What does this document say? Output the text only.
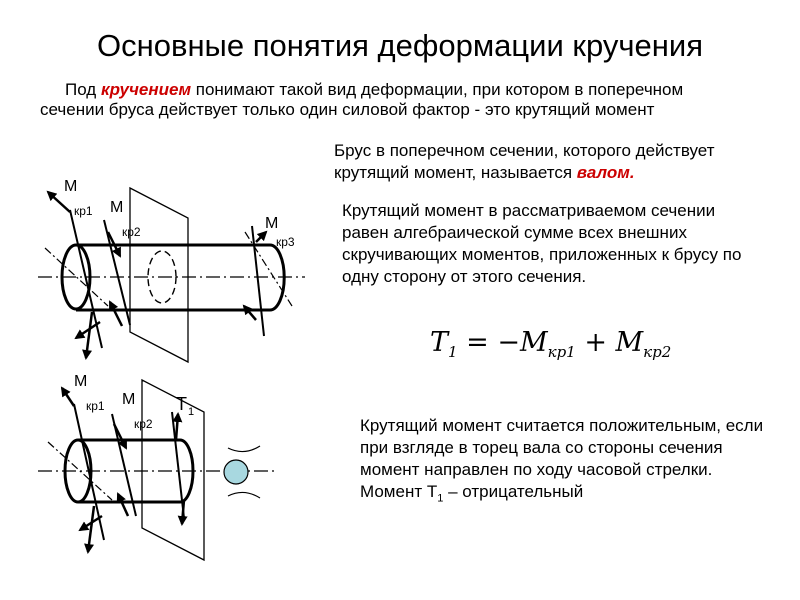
Основные понятия деформации кручения
Под кручением понимают такой вид деформации, при котором в поперечном сечении бруса действует только один силовой фактор - это крутящий момент
Брус в поперечном сечении, которого действует крутящий момент, называется валом.
Крутящий момент в рассматриваемом сечении равен алгебраической сумме всех внешних скручивающих моментов, приложенных к брусу по одну сторону от этого сечения.
$T_1 = -M_{кр1} + M_{кр2}$
Крутящий момент считается положительным, если при взгляде в торец вала со стороны сечения момент направлен по ходу часовой стрелки.
Момент $Т_1$ – отрицательный
M
кр1 M
кр2	M
кр3
M
кр1 M
кр2
T 1
